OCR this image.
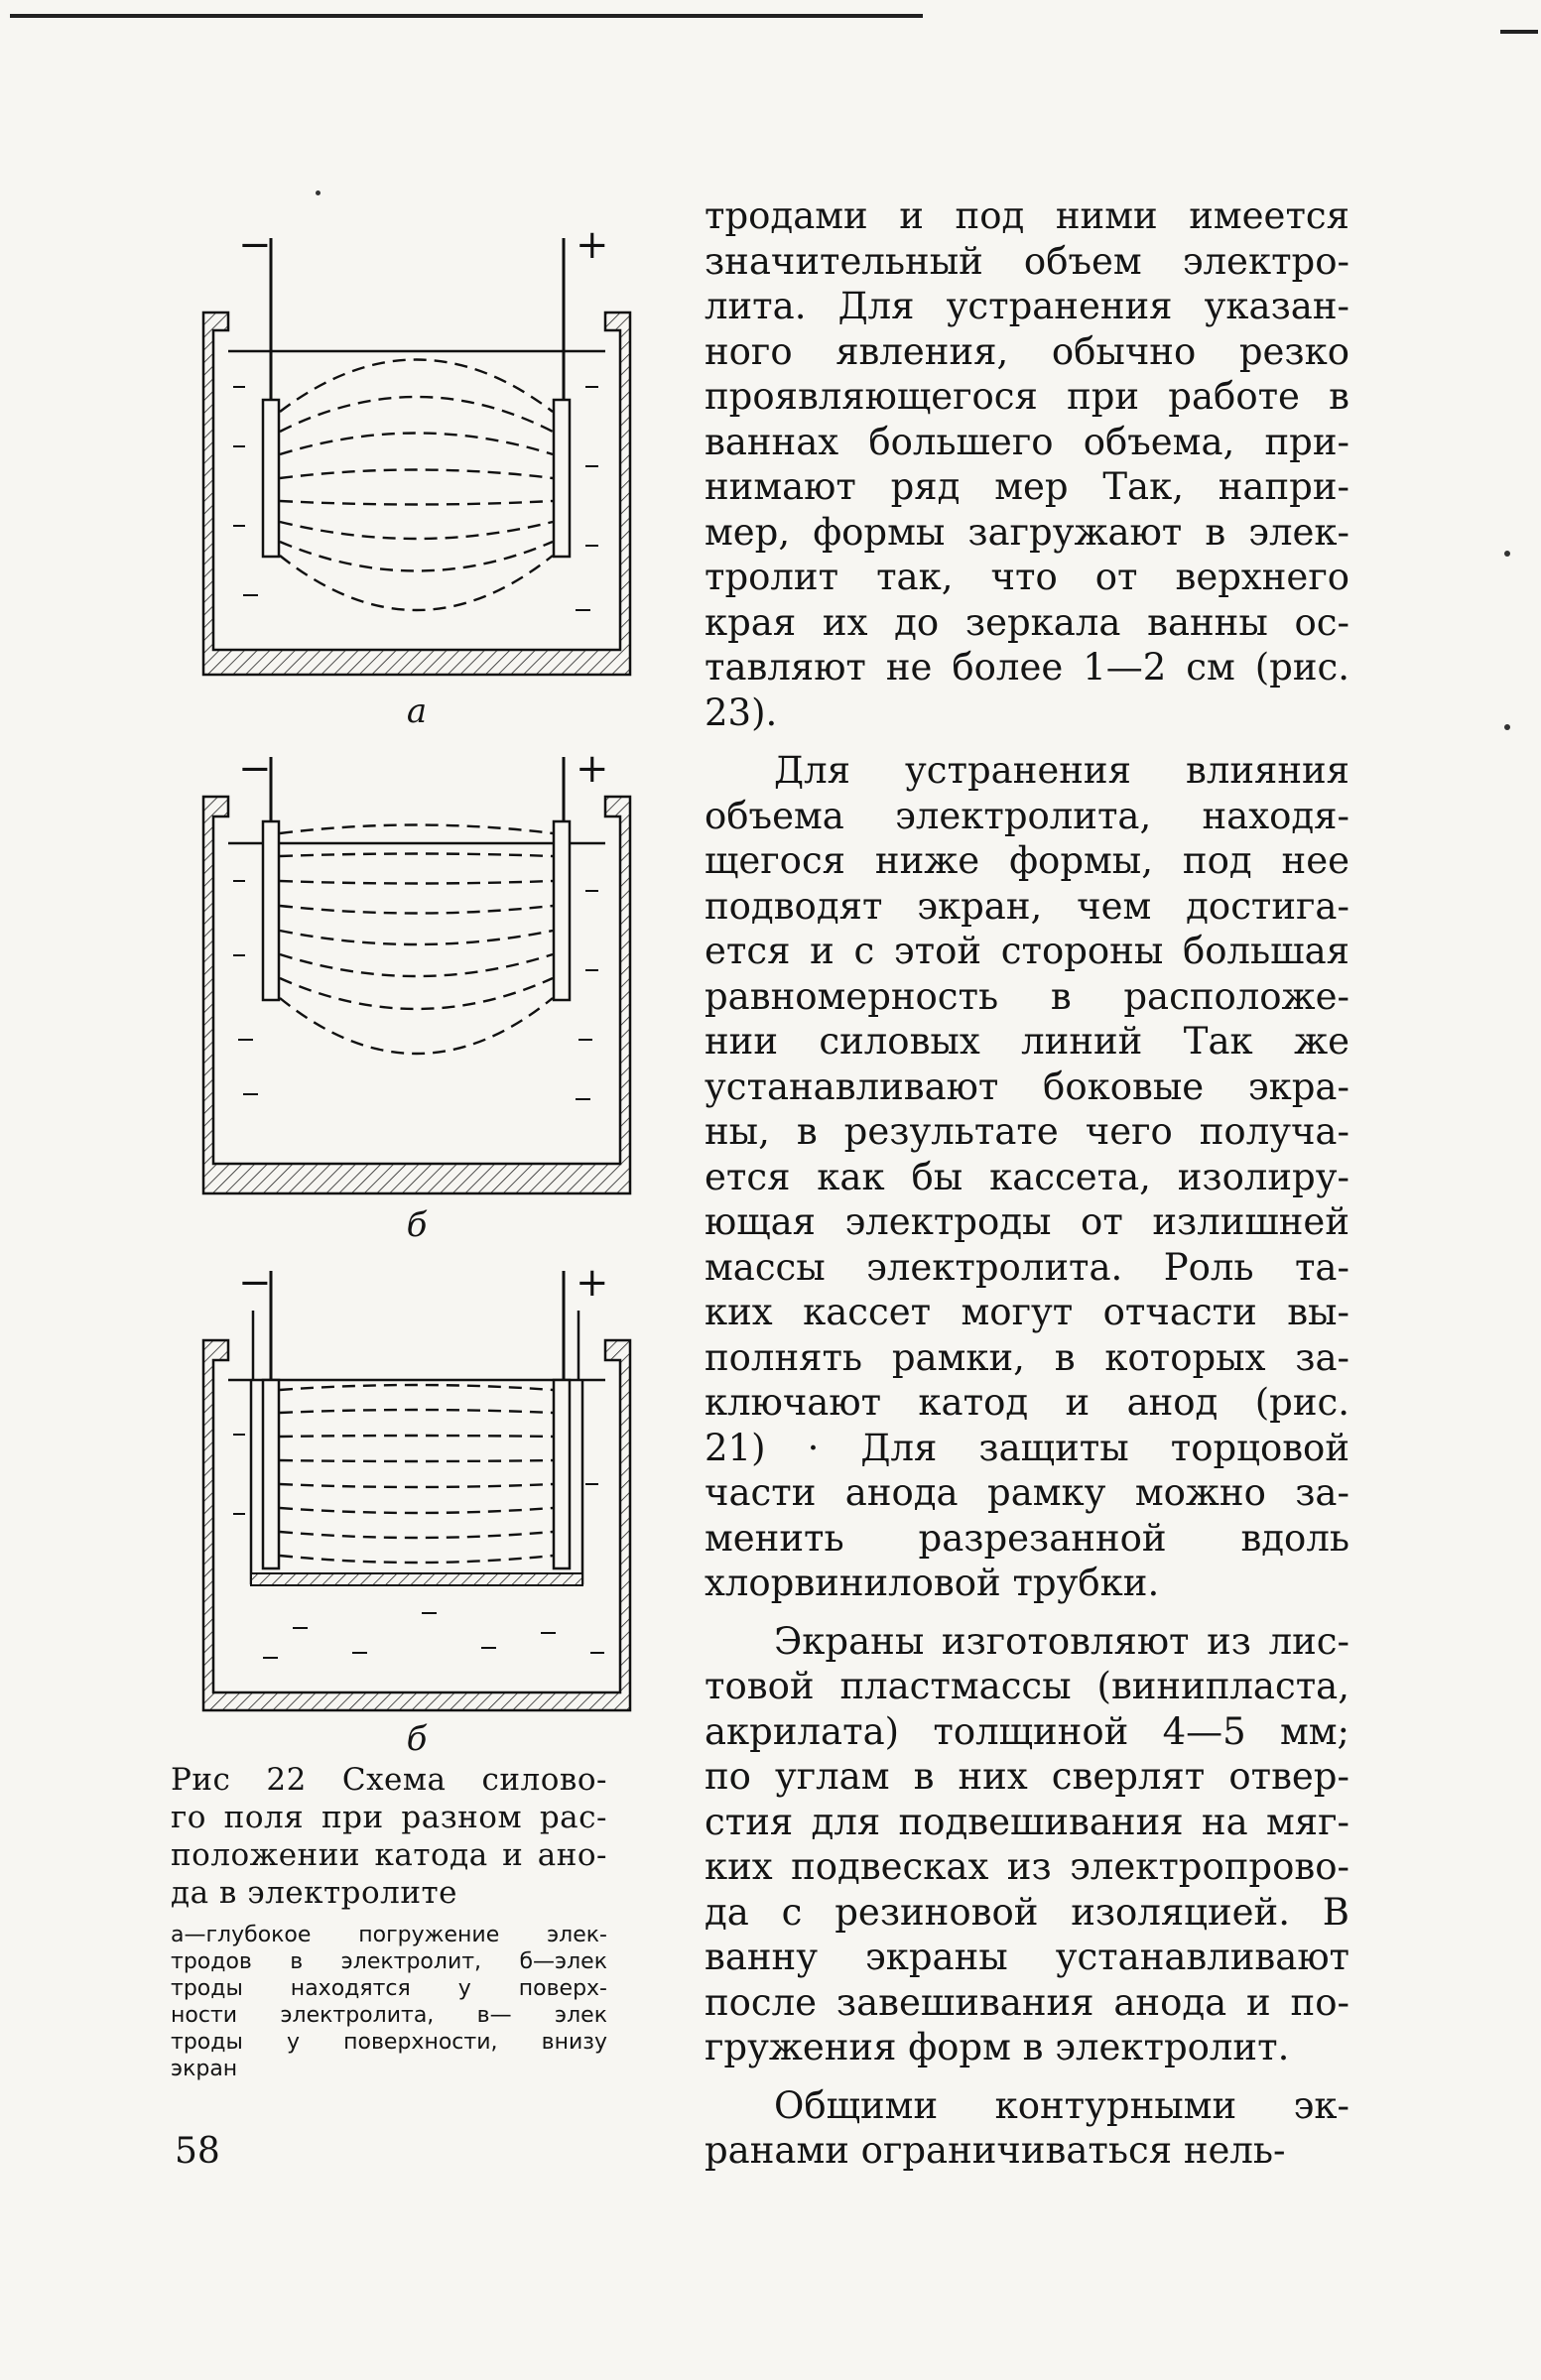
−	+
а
−	+
б
−	+
б
Рис 22 Схема силово-
го поля при разном рас-
положении катода и ано-
да в электролите
а—глубокое погружение элек-
тродов в электролит, б—элек
троды находятся у поверх-
ности электролита, в— элек
троды у поверхности, внизу
экран
58
тродами и под ними имеется
значительный объем электро-
лита. Для устранения указан-
ного явления, обычно резко
проявляющегося при работе в
ваннах большего объема, при-
нимают ряд мер Так, напри-
мер, формы загружают в элек-
тролит так, что от верхнего
края их до зеркала ванны ос-
тавляют не более 1—2 см (рис.
23).
Для устранения влияния
объема электролита, находя-
щегося ниже формы, под нее
подводят экран, чем достига-
ется и с этой стороны большая
равномерность в расположе-
нии силовых линий Так же
устанавливают боковые экра-
ны, в результате чего получа-
ется как бы кассета, изолиру-
ющая электроды от излишней
массы электролита. Роль та-
ких кассет могут отчасти вы-
полнять рамки, в которых за-
ключают катод и анод (рис.
21) · Для защиты торцовой
части анода рамку можно за-
менить разрезанной вдоль
хлорвиниловой трубки.
Экраны изготовляют из лис-
товой пластмассы (винипласта,
акрилата) толщиной 4—5 мм;
по углам в них сверлят отвер-
стия для подвешивания на мяг-
ких подвесках из электропрово-
да с резиновой изоляцией. В
ванну экраны устанавливают
после завешивания анода и по-
гружения форм в электролит.
Общими контурными эк-
ранами ограничиваться нель-
